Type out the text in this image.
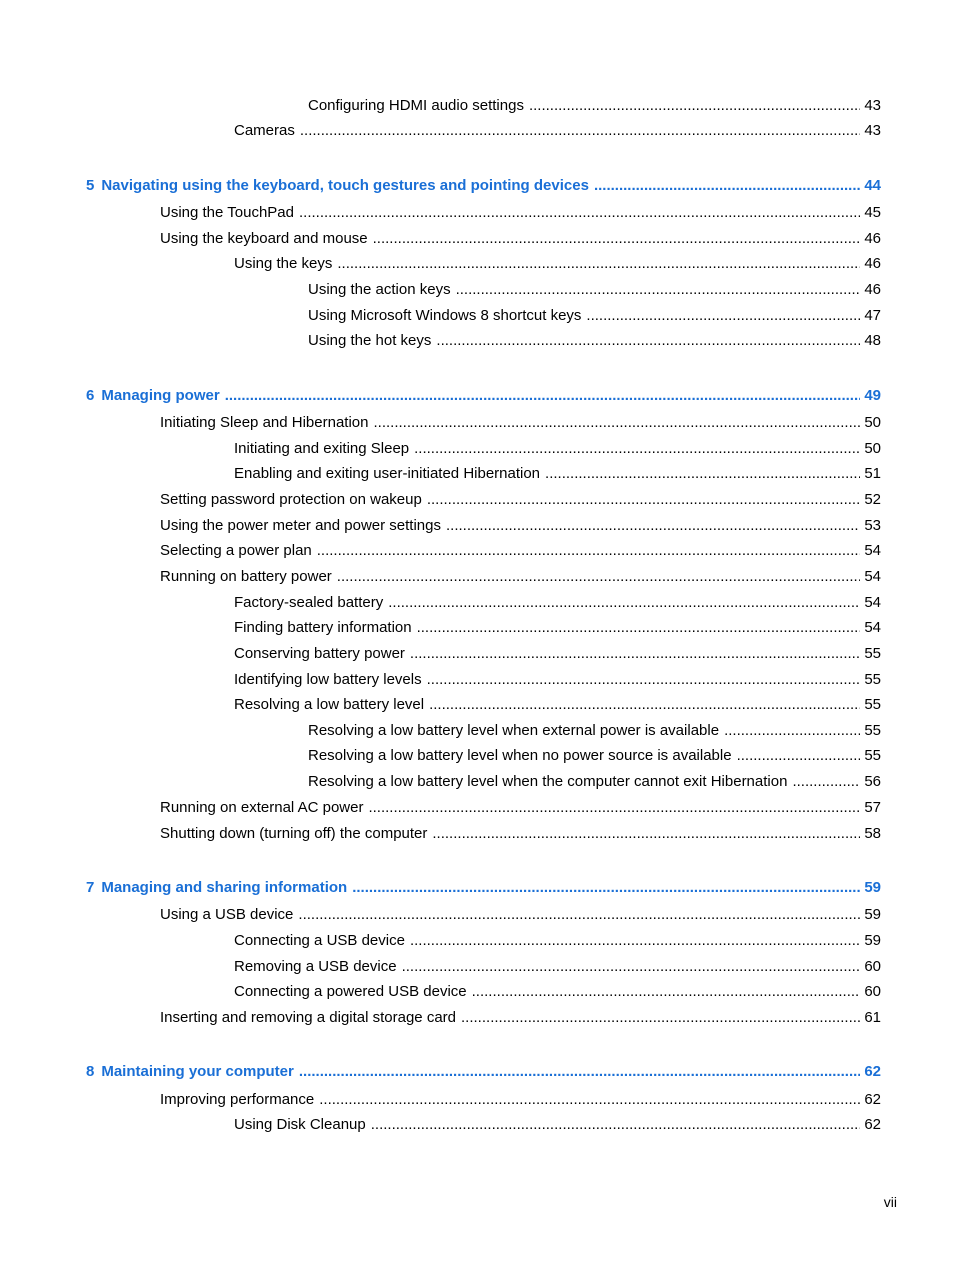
Configuring HDMI audio settings .....	43
Cameras .....	43
5 Navigating using the keyboard, touch gestures and pointing devices .....	44
Using the TouchPad .....	45
Using the keyboard and mouse .....	46
Using the keys .....	46
Using the action keys .....	46
Using Microsoft Windows 8 shortcut keys .....	47
Using the hot keys .....	48
6 Managing power .....	49
Initiating Sleep and Hibernation .....	50
Initiating and exiting Sleep .....	50
Enabling and exiting user-initiated Hibernation .....	51
Setting password protection on wakeup .....	52
Using the power meter and power settings .....	53
Selecting a power plan .....	54
Running on battery power .....	54
Factory-sealed battery .....	54
Finding battery information .....	54
Conserving battery power .....	55
Identifying low battery levels .....	55
Resolving a low battery level .....	55
Resolving a low battery level when external power is available .....	55
Resolving a low battery level when no power source is available .....	55
Resolving a low battery level when the computer cannot exit Hibernation .....	56
Running on external AC power .....	57
Shutting down (turning off) the computer .....	58
7 Managing and sharing information .....	59
Using a USB device .....	59
Connecting a USB device .....	59
Removing a USB device .....	60
Connecting a powered USB device .....	60
Inserting and removing a digital storage card .....	61
8 Maintaining your computer .....	62
Improving performance .....	62
Using Disk Cleanup .....	62
vii
